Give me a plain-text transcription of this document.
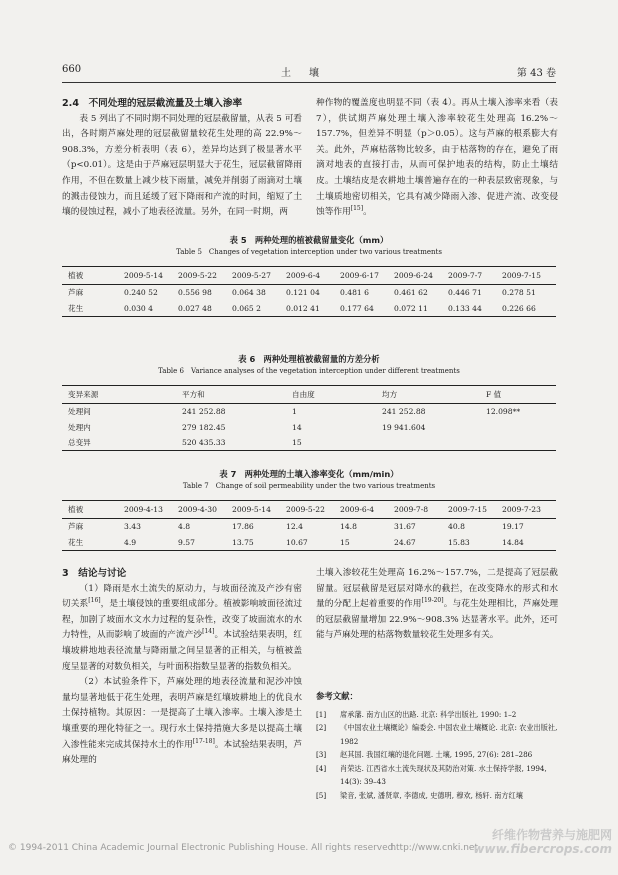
660	土壤	第 43 卷

2.4　不同处理的冠层截流量及土壤入渗率

表 5 列出了不同时期不同处理的冠层截留量，从表 5 可看出，各时期芦麻处理的冠层截留量较花生处理的高 22.9%～908.3%，方差分析表明（表 6），差异均达到了极显著水平（p<0.01）。这是由于芦麻冠层明显大于花生，冠层截留降雨作用，不但在数量上减少枝下雨量，减免并削弱了雨滴对土壤的溅击侵蚀力，而且延缓了冠下降雨和产流的时间，缩短了土壤的侵蚀过程，减小了地表径流量。另外，在同一时期，两

种作物的覆盖度也明显不同（表 4）。再从土壤入渗率来看（表 7），供试期芦麻处理土壤入渗率较花生处理高 16.2%～157.7%，但差异不明显（p＞0.05）。这与芦麻的根系膨大有关。此外，芦麻枯落物比较多，由于枯落物的存在，避免了雨滴对地表的直接打击，从而可保护地表的结构，防止土壤结皮。土壤结皮是农耕地土壤普遍存在的一种表层致密现象，与土壤质地密切相关，它具有减少降雨入渗、促进产流、改变侵蚀等作用[15]。

表 5　两种处理的植被截留量变化（mm）
Table 5　Changes of vegetation interception under two various treatments
植被	2009-5-14	2009-5-22	2009-5-27	2009-6-4	2009-6-17	2009-6-24	2009-7-7	2009-7-15
芦麻	0.240 52	0.556 98	0.064 38	0.121 04	0.481 6	0.461 62	0.446 71	0.278 51
花生	0.030 4	0.027 48	0.065 2	0.012 41	0.177 64	0.072 11	0.133 44	0.226 66
表 6　两种处理植被截留量的方差分析
Table 6　Variance analyses of the vegetation interception under different treatments
变异来源	平方和	自由度	均方	F 值
处理间	241 252.88	1	241 252.88	12.098**
处理内	279 182.45	14	19 941.604	
总变异	520 435.33	15		
表 7　两种处理的土壤入渗率变化（mm/min）
Table 7　Change of soil permeability under the two various treatments
植被	2009-4-13	2009-4-30	2009-5-14	2009-5-22	2009-6-4	2009-7-8	2009-7-15	2009-7-23
芦麻	3.43	4.8	17.86	12.4	14.8	31.67	40.8	19.17
花生	4.9	9.57	13.75	10.67	15	24.67	15.83	14.84

3　结论与讨论

（1）降雨是水土流失的原动力，与坡面径流及产沙有密切关系[16]，是土壤侵蚀的重要组成部分。植被影响坡面径流过程，加剧了坡面水文水力过程的复杂性，改变了坡面流水的水力特性，从而影响了坡面的产流产沙[14]。本试验结果表明，红壤坡耕地地表径流量与降雨量之间呈显著的正相关，与植被盖度呈显著的对数负相关，与叶面积指数呈显著的指数负相关。

（2）本试验条件下，芦麻处理的地表径流量和泥沙冲蚀量均显著地低于花生处理，表明芦麻是红壤坡耕地上的优良水土保持植物。其原因：一是提高了土壤入渗率。土壤入渗是土壤重要的理化特征之一。现行水土保持措施大多是以提高土壤入渗性能来完成其保持水土的作用[17-18]。本试验结果表明，芦麻处理的

土壤入渗较花生处理高 16.2%～157.7%，二是提高了冠层截留量。冠层截留是冠层对降水的截拦，在改变降水的形式和水量的分配上起着重要的作用[19-20]。与花生处理相比，芦麻处理的冠层截留量增加 22.9%～908.3% 达显著水平。此外，还可能与芦麻处理的枯落物数量较花生处理多有关。

参考文献：
[1]	席承藩. 南方山区的出路. 北京: 科学出版社, 1990: 1–2
[2]	《中国农业土壤概论》编委会. 中国农业土壤概论. 北京: 农业出版社, 1982
[3]	赵其国. 我国红壤的退化问题. 土壤, 1995, 27(6): 281–286
[4]	肖荣达. 江西省水土流失现状及其防治对策. 水土保持学报, 1994, 14(3): 39–43
[5]	梁音, 张斌, 潘贤章, 李德成, 史德明, 穆欢, 杨轩. 南方红壤
© 1994-2011 China Academic Journal Electronic Publishing House. All rights reserved.
http://www.cnki.net
纤维作物营养与施肥网
www.fibercrops.com
